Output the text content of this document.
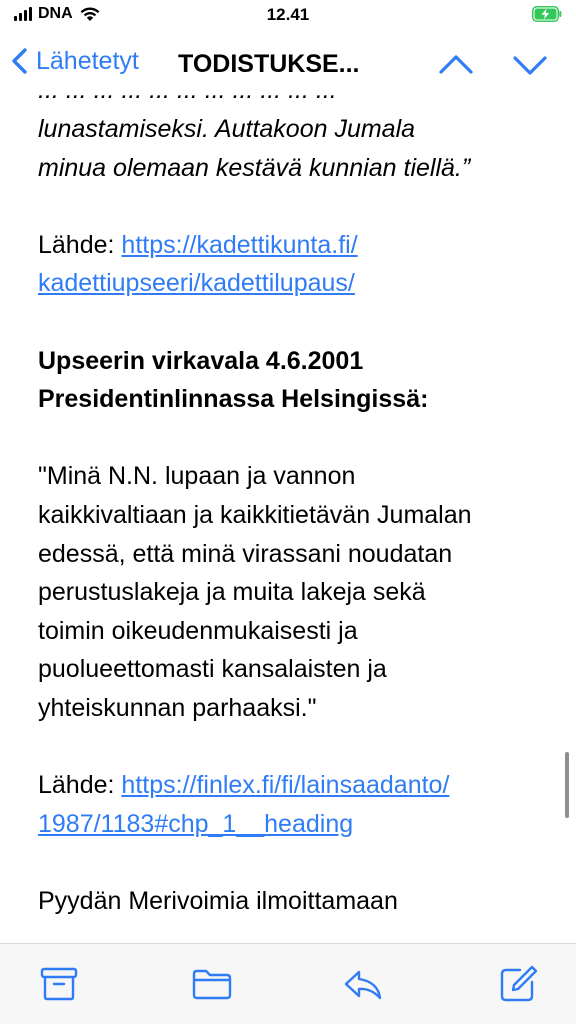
DNA	12.41
Lähetetyt TODISTUKSE...
... ... ... ... ... ... ... ... ... ... ...

lunastamiseksi. Auttakoon Jumala

minua olemaan kestävä kunnian tiellä.”

Lähde: https://kadettikunta.fi/

kadettiupseeri/kadettilupaus/

Upseerin virkavala 4.6.2001

Presidentinlinnassa Helsingissä:

"Minä N.N. lupaan ja vannon

kaikkivaltiaan ja kaikkitietävän Jumalan

edessä, että minä virassani noudatan

perustuslakeja ja muita lakeja sekä

toimin oikeudenmukaisesti ja

puolueettomasti kansalaisten ja

yhteiskunnan parhaaksi."

Lähde: https://finlex.fi/fi/lainsaadanto/

1987/1183#chp_1__heading

Pyydän Merivoimia ilmoittamaan
